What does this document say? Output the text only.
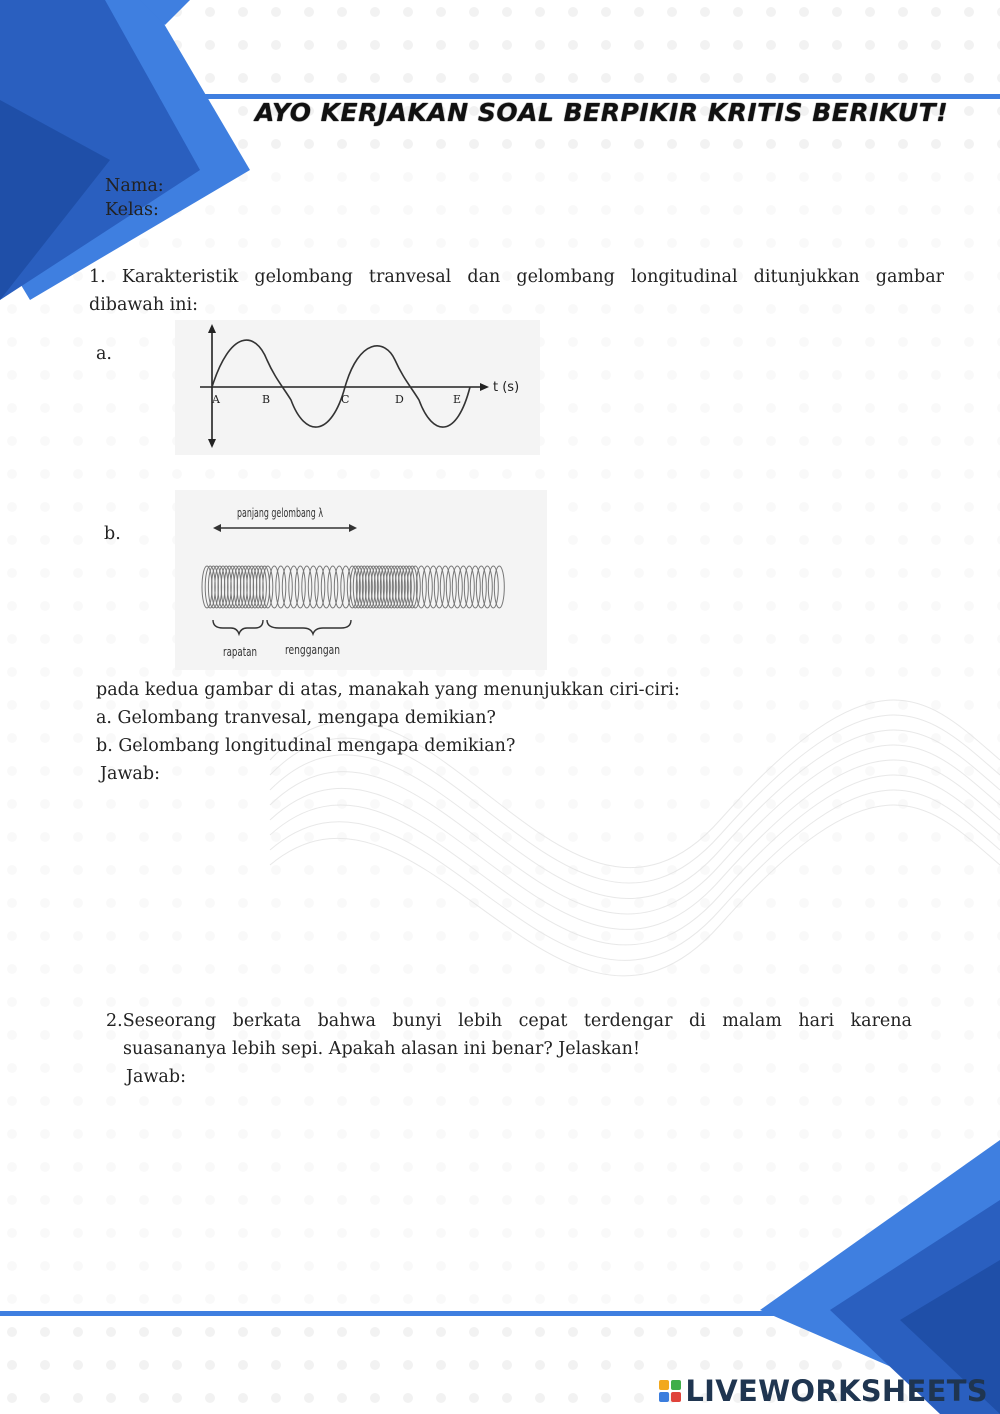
AYO KERJAKAN SOAL BERPIKIR KRITIS BERIKUT!
Nama:
Kelas:
1. Karakteristik gelombang tranvesal dan gelombang longitudinal ditunjukkan gambar
dibawah ini:
a.
A	B	C	D	E
t (s)
b.
panjang gelombang λ
rapatan renggangan
pada kedua gambar di atas, manakah yang menunjukkan ciri-ciri:
a. Gelombang tranvesal, mengapa demikian?
b. Gelombang longitudinal mengapa demikian?
Jawab:
2.Seseorang berkata bahwa bunyi lebih cepat terdengar di malam hari karena
suasananya lebih sepi. Apakah alasan ini benar? Jelaskan!
Jawab:
LIVEWORKSHEETS
